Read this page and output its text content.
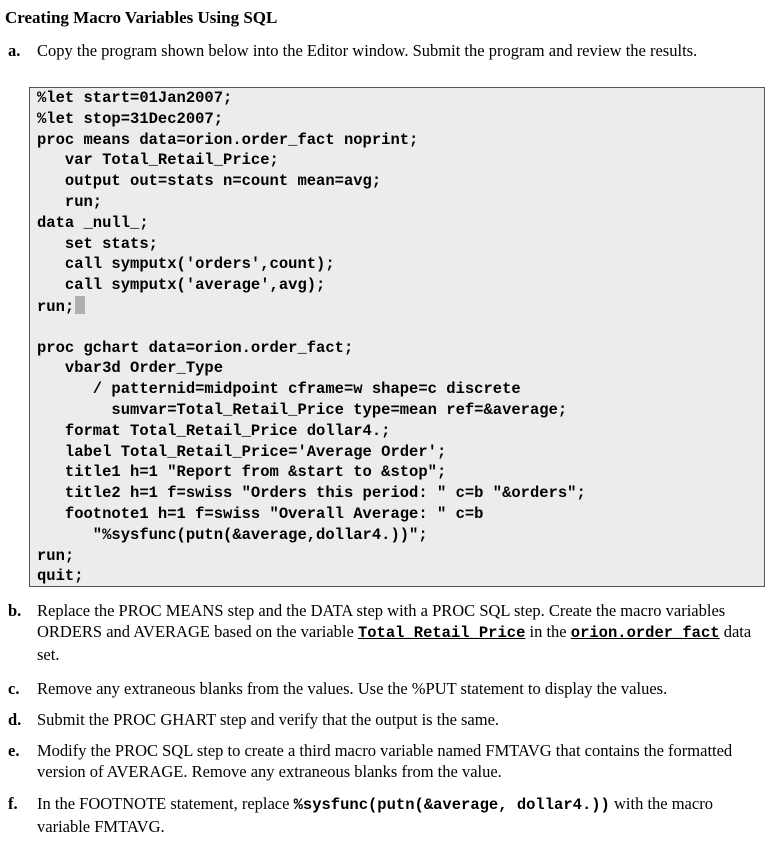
Creating Macro Variables Using SQL
a. Copy the program shown below into the Editor window. Submit the program and review the results.
%let start=01Jan2007;
%let stop=31Dec2007;
proc means data=orion.order_fact noprint;
var Total_Retail_Price;
output out=stats n=count mean=avg;
run;
data _null_;
set stats;
call symputx('orders',count);
call symputx('average',avg);
run;
proc gchart data=orion.order_fact;
vbar3d Order_Type
/ patternid=midpoint cframe=w shape=c discrete
sumvar=Total_Retail_Price type=mean ref=&average;
format Total_Retail_Price dollar4.;
label Total_Retail_Price='Average Order';
title1 h=1 "Report from &start to &stop";
title2 h=1 f=swiss "Orders this period: " c=b "&orders";
footnote1 h=1 f=swiss "Overall Average: " c=b
"%sysfunc(putn(&average,dollar4.))";
run;
quit;
b. Replace the PROC MEANS step and the DATA step with a PROC SQL step. Create the macro variables ORDERS and AVERAGE based on the variable Total_Retail_Price in the orion.order_fact data set.
c. Remove any extraneous blanks from the values. Use the %PUT statement to display the values.
d. Submit the PROC GHART step and verify that the output is the same.
e. Modify the PROC SQL step to create a third macro variable named FMTAVG that contains the formatted version of AVERAGE. Remove any extraneous blanks from the value.
f. In the FOOTNOTE statement, replace %sysfunc(putn(&average, dollar4.)) with the macro variable FMTAVG.
